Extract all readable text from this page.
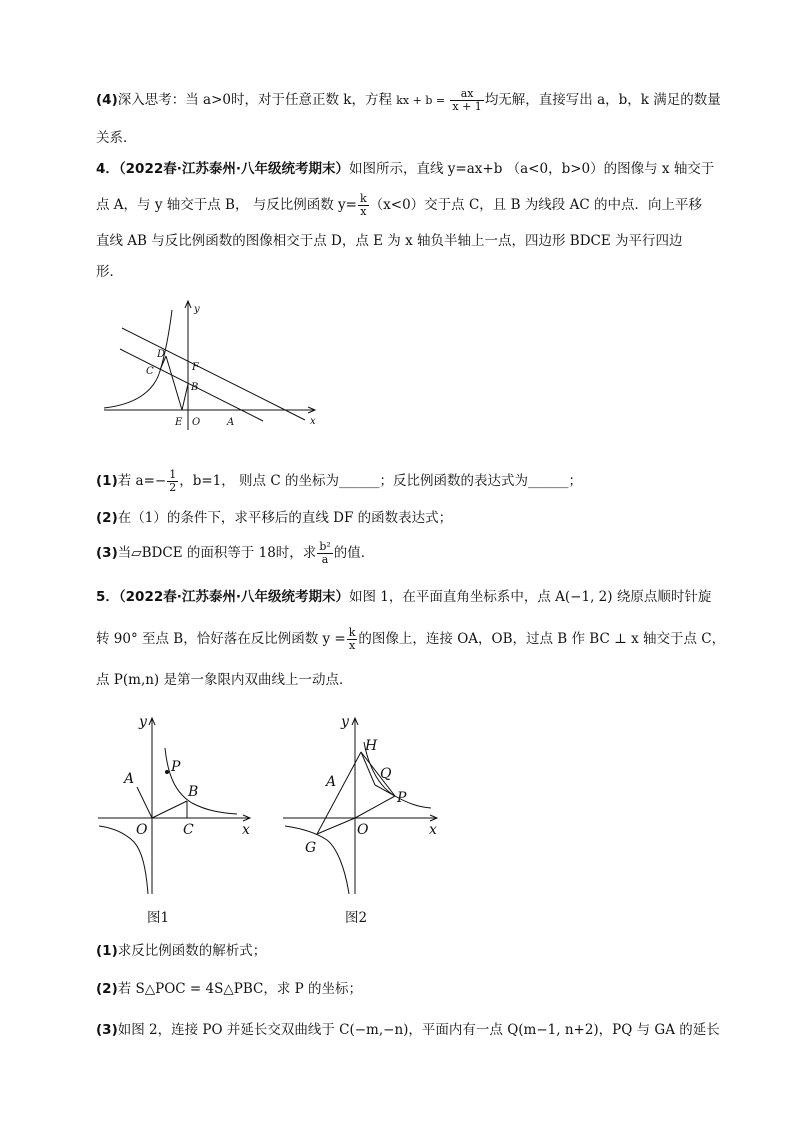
(4)深入思考：当 a>0时，对于任意正数 k，方程 kx + $b = \frac{ax}{x + 1}$ 均无解，直接写出 a，b，k 满足的数量
关系．
4．（2022春·江苏泰州·八年级统考期末）如图所示，直线 y=ax+b （a<0，b>0）的图像与 x 轴交于
点 A，与 y 轴交于点 B， 与反比例函数 $y= \frac{k}{x} (x<0)$交于点 C，且 B 为线段 AC 的中点．向上平移
直线 AB 与反比例函数的图像相交于点 D，点 E 为 x 轴负半轴上一点，四边形 BDCE 为平行四边
形．
y
x
D
F
C
B
E O	A
(1)若 $a=- \frac{1}{2}$ ，b=1， 则点 C 的坐标为______；反比例函数的表达式为______；
(2)在（1）的条件下，求平移后的直线 DF 的函数表达式；
(3)当▱BDCE 的面积等于 18时，求 $\frac{\text{b²}}{a}$ 的值．
5．（2022春·江苏泰州·八年级统考期末）如图 1，在平面直角坐标系中，点 A(−1, 2) 绕原点顺时针旋
转 90° 至点 B，恰好落在反比例函数 $y = \frac{k}{x}$ 的图像上，连接 OA，OB，过点 B 作 BC ⊥ x 轴交于点 C，
点 P(m,n) 是第一象限内双曲线上一动点．
y
x
A
P
B
O	C
图1
y
x
H
A	Q
P
O
G
图2
(1)求反比例函数的解析式；
(2)若 S△POC = 4S△PBC，求 P 的坐标；
(3)如图 2，连接 PO 并延长交双曲线于 C(−m,−n)，平面内有一点 Q(m−1, n+2)，PQ 与 GA 的延长
